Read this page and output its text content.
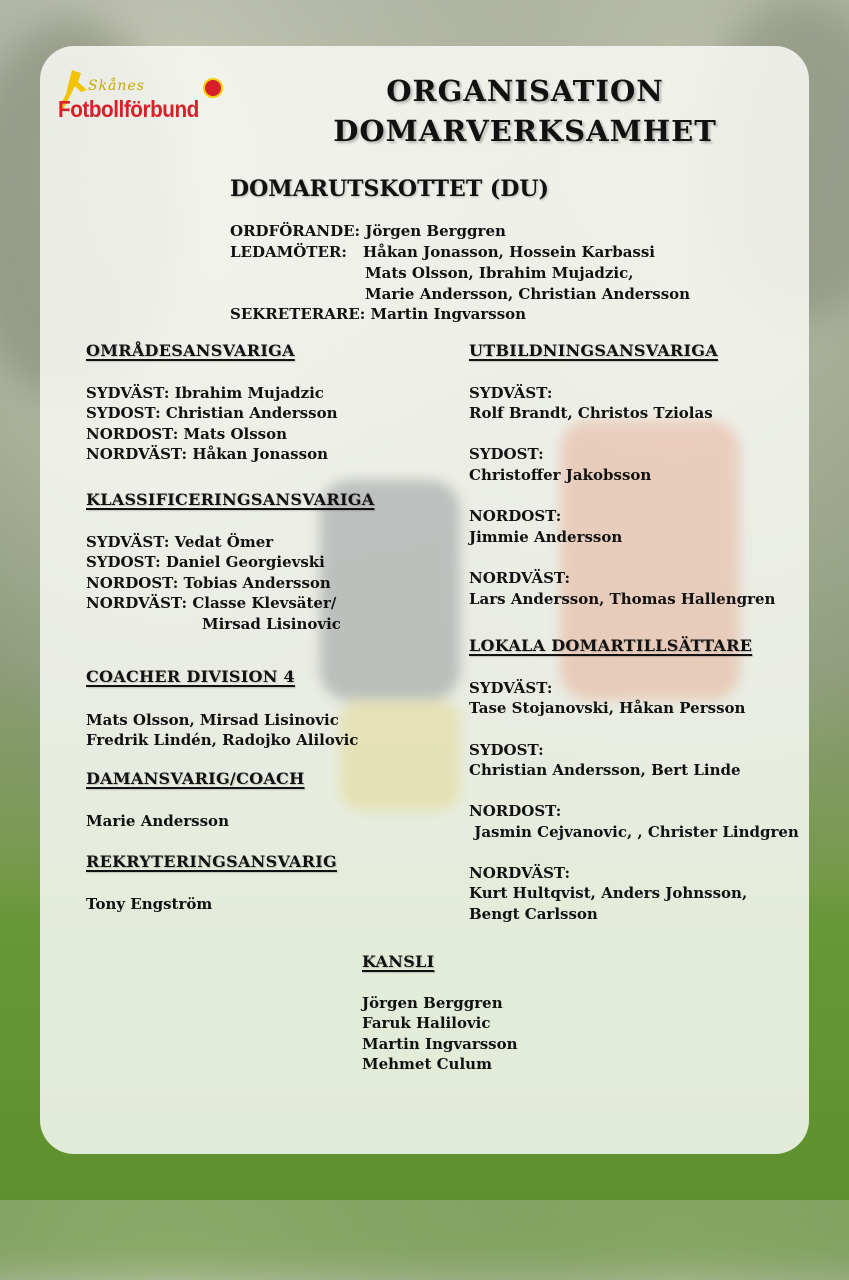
Skånes
Fotbollförbund
ORGANISATION
DOMARVERKSAMHET
DOMARUTSKOTTET (DU)

ORDFÖRANDE: Jörgen Berggren

LEDAMÖTER: Håkan Jonasson, Hossein Karbassi

Mats Olsson, Ibrahim Mujadzic,

Marie Andersson, Christian Andersson

SEKRETERARE: Martin Ingvarsson

OMRÅDESANSVARIGA

SYDVÄST: Ibrahim Mujadzic

SYDOST: Christian Andersson

NORDOST: Mats Olsson

NORDVÄST: Håkan Jonasson

KLASSIFICERINGSANSVARIGA

SYDVÄST: Vedat Ömer

SYDOST: Daniel Georgievski

NORDOST: Tobias Andersson

NORDVÄST: Classe Klevsäter/

Mirsad Lisinovic

COACHER DIVISION 4

Mats Olsson, Mirsad Lisinovic

Fredrik Lindén, Radojko Alilovic

DAMANSVARIG/COACH

Marie Andersson

REKRYTERINGSANSVARIG

Tony Engström

UTBILDNINGSANSVARIGA

SYDVÄST:

Rolf Brandt, Christos Tziolas

SYDOST:

Christoffer Jakobsson

NORDOST:

Jimmie Andersson

NORDVÄST:

Lars Andersson, Thomas Hallengren

LOKALA DOMARTILLSÄTTARE

SYDVÄST:

Tase Stojanovski, Håkan Persson

SYDOST:

Christian Andersson, Bert Linde

NORDOST:

Jasmin Cejvanovic, , Christer Lindgren

NORDVÄST:

Kurt Hultqvist, Anders Johnsson,

Bengt Carlsson

KANSLI

Jörgen Berggren

Faruk Halilovic

Martin Ingvarsson

Mehmet Culum
